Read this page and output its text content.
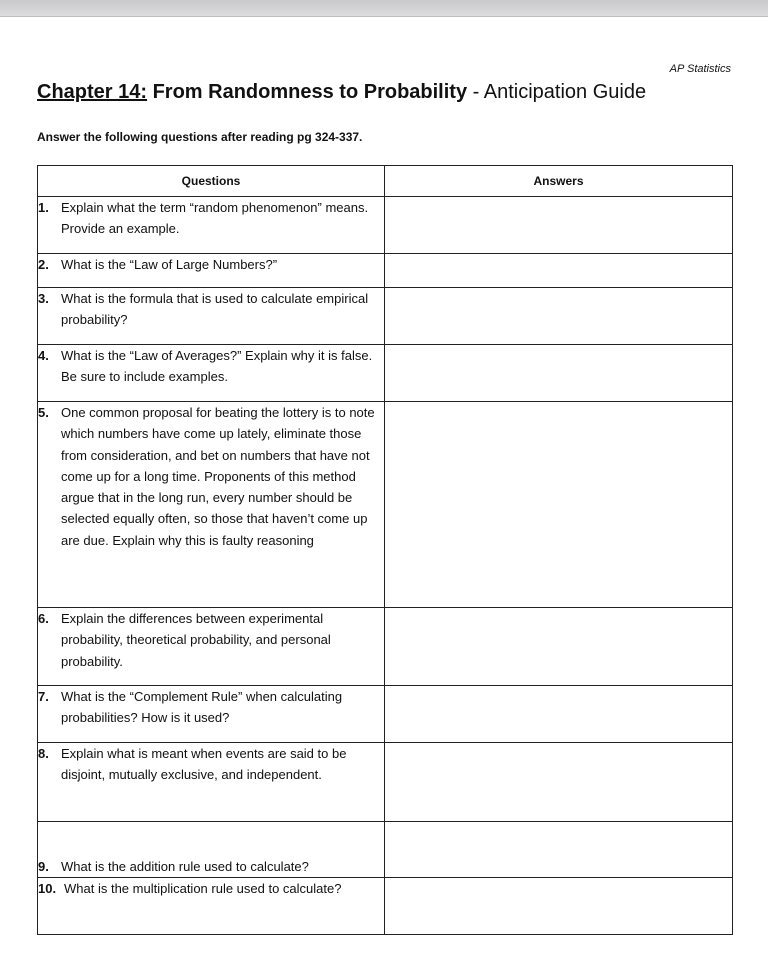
AP Statistics
Chapter 14: From Randomness to Probability - Anticipation Guide
Answer the following questions after reading pg 324-337.
Questions	Answers

1. Explain what the term “random phenomenon” means. Provide an example.	

2. What is the “Law of Large Numbers?”	

3. What is the formula that is used to calculate empirical probability?	

4. What is the “Law of Averages?” Explain why it is false. Be sure to include examples.	

5. One common proposal for beating the lottery is to note which numbers have come up lately, eliminate those from consideration, and bet on numbers that have not come up for a long time. Proponents of this method argue that in the long run, every number should be selected equally often, so those that haven’t come up are due. Explain why this is faulty reasoning	

6. Explain the differences between experimental probability, theoretical probability, and personal probability.	

7. What is the “Complement Rule” when calculating probabilities? How is it used?	

8. Explain what is meant when events are said to be disjoint, mutually exclusive, and independent.	

9. What is the addition rule used to calculate?	

10. What is the multiplication rule used to calculate?	
